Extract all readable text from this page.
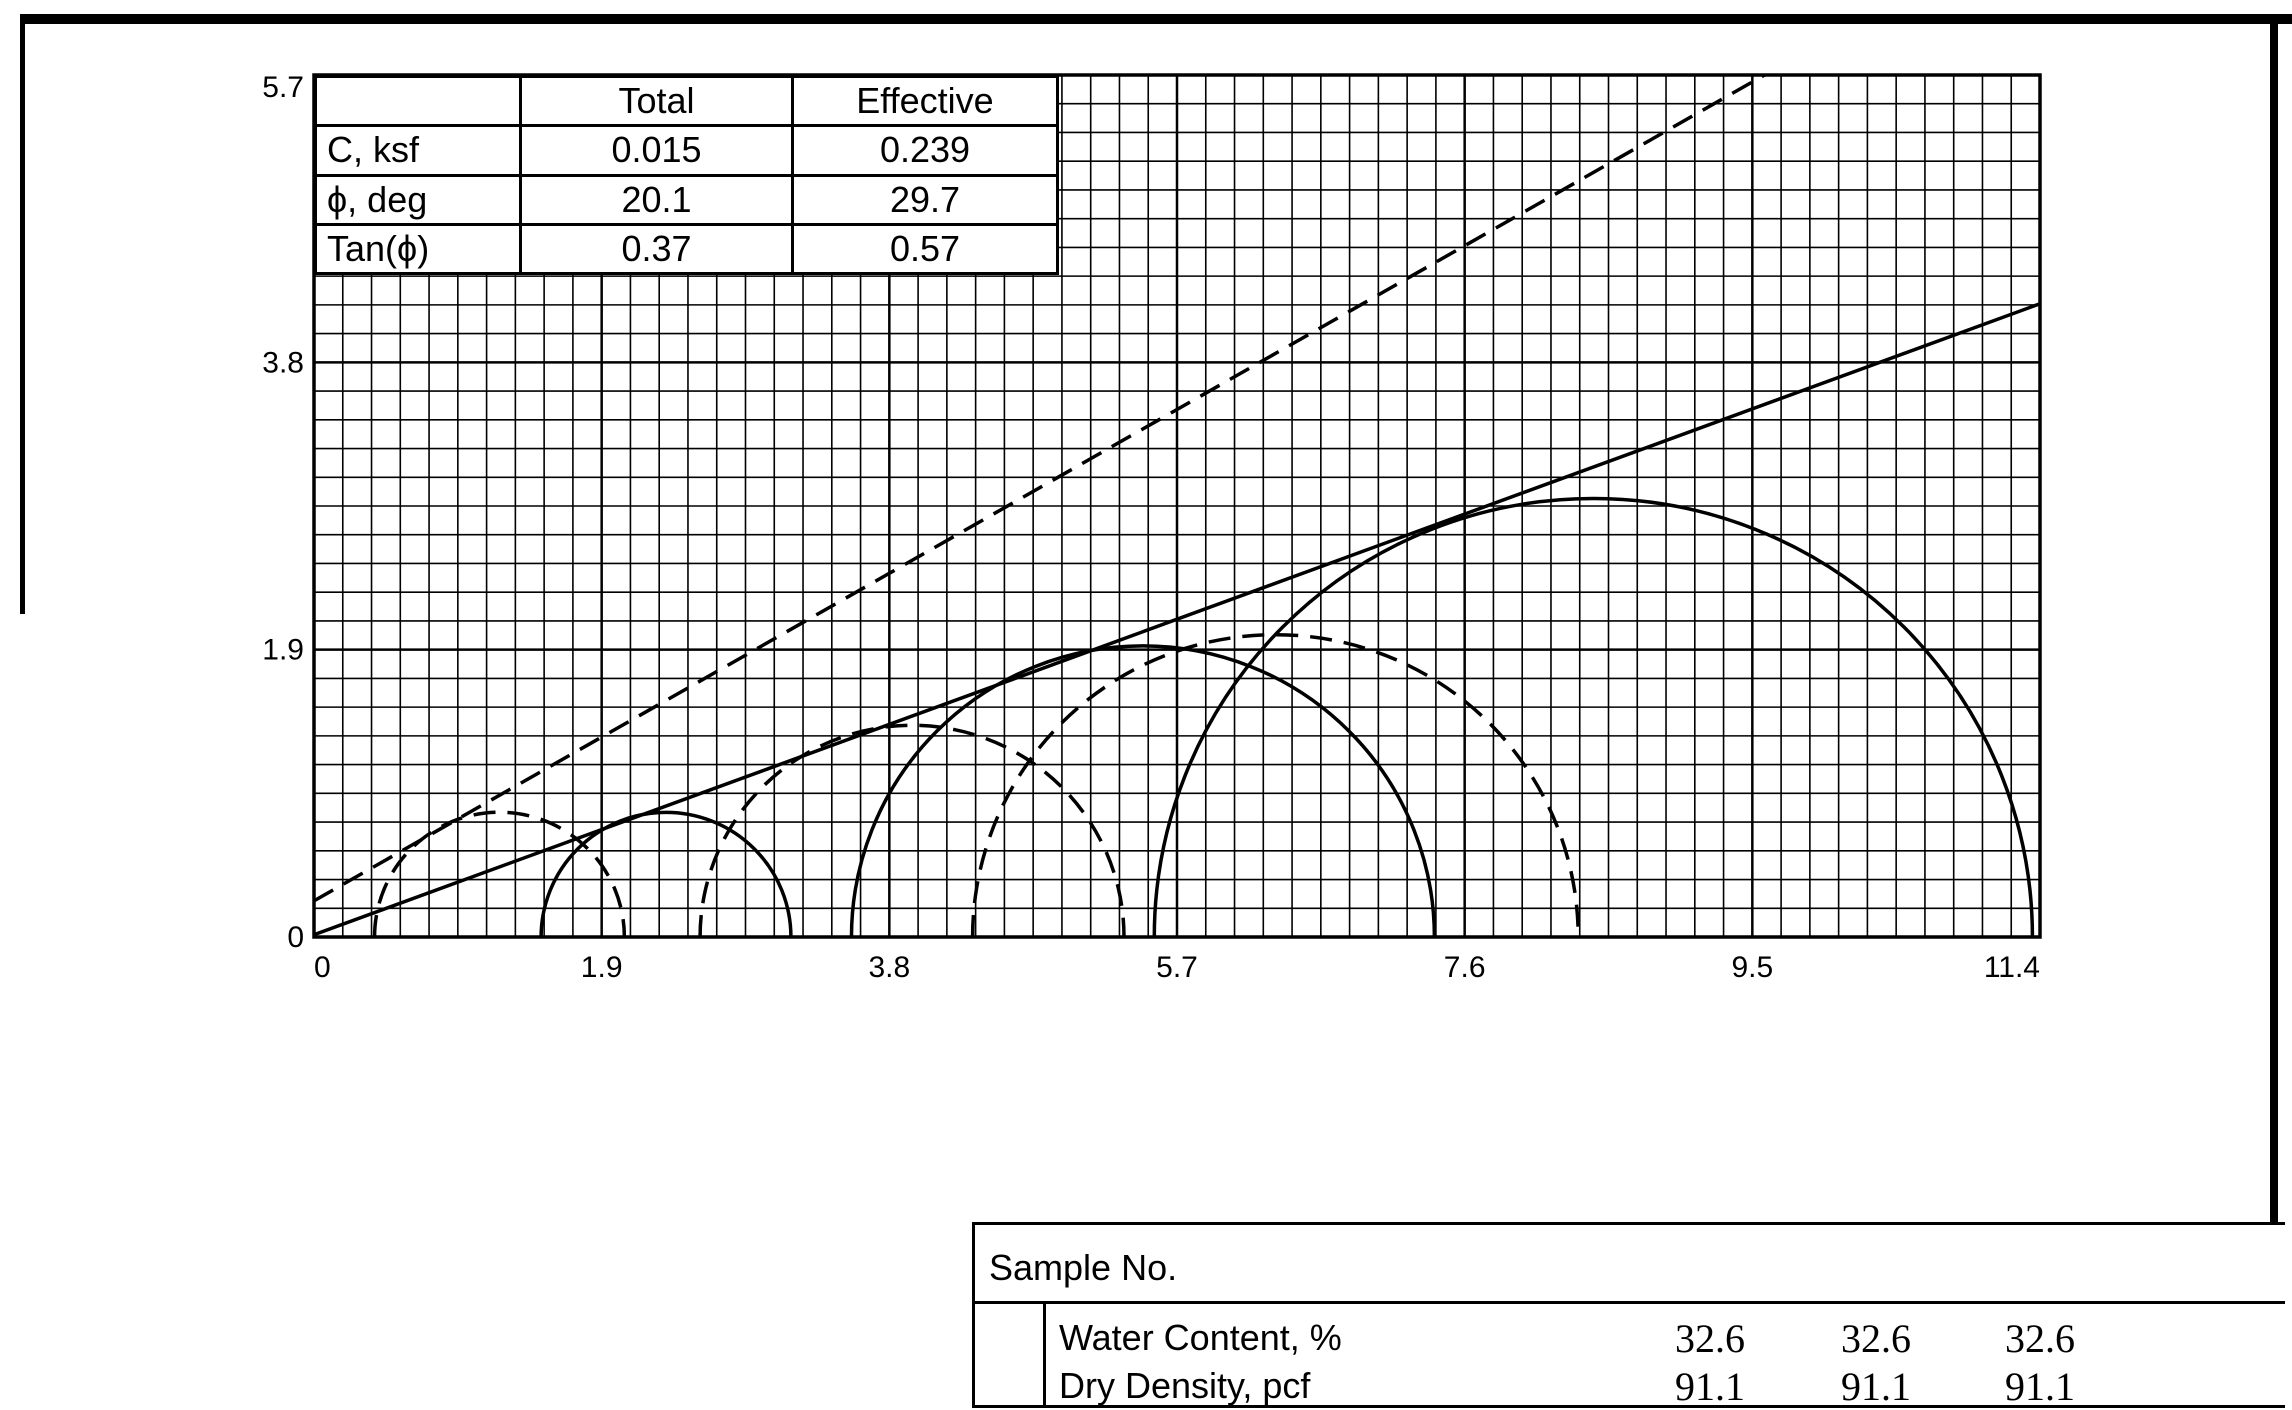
0	1.9	3.8	5.7	7.6	9.5	11.4
0
1.9
3.8
5.7
		Total	Effective
C, ksf	0.015	0.239
ϕ, deg	20.1	29.7
Tan(ϕ)	0.37	0.57
Sample No.
Water Content, %	32.6 32.6 32.6
Dry Density, pcf	91.1 91.1 91.1
